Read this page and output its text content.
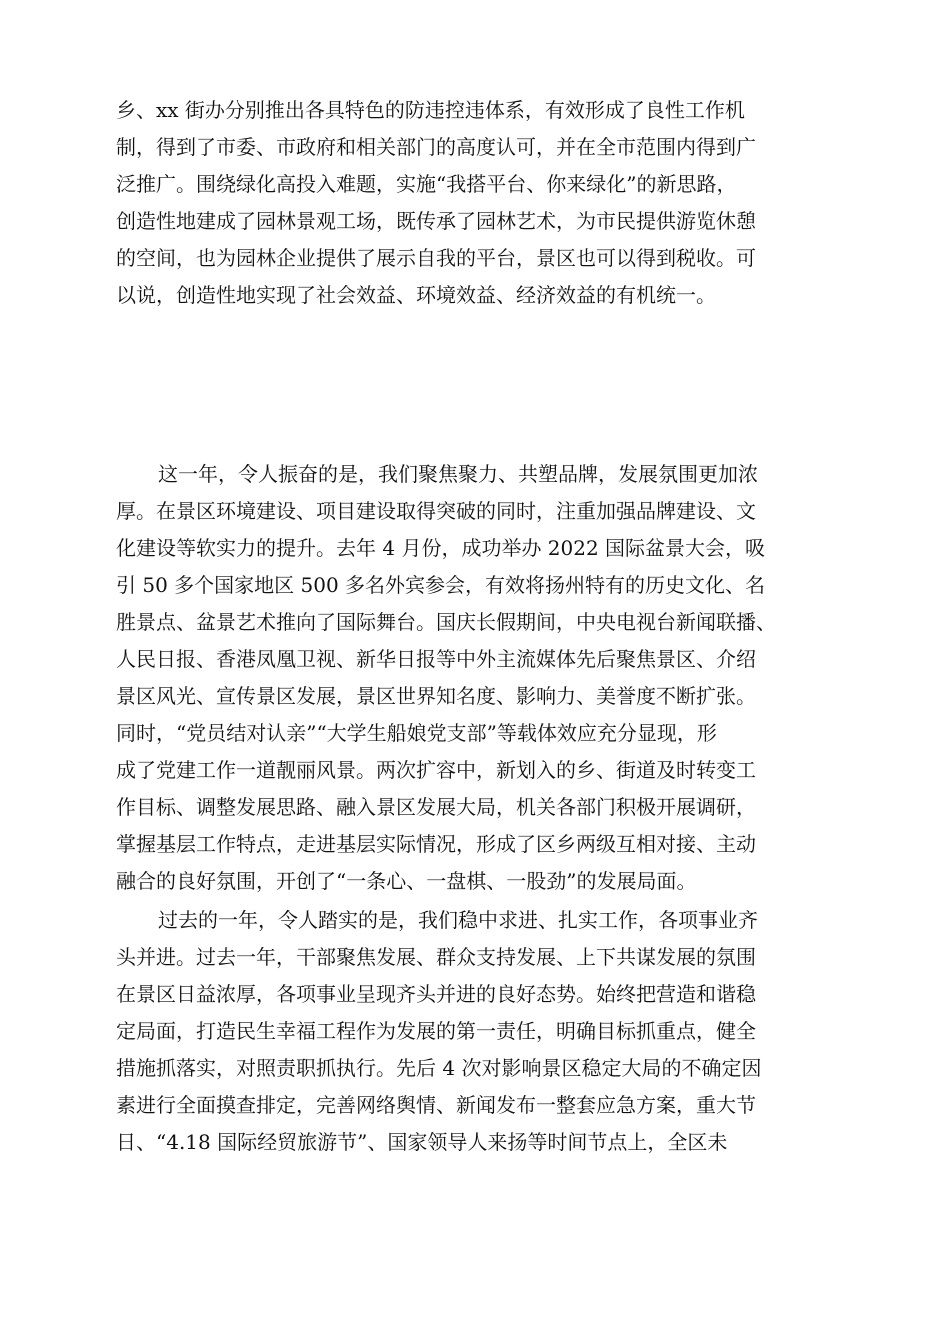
乡、xx 街办分别推出各具特色的防违控违体系，有效形成了良性工作机
制，得到了市委、市政府和相关部门的高度认可，并在全市范围内得到广
泛推广。围绕绿化高投入难题，实施“我搭平台、你来绿化”的新思路，
创造性地建成了园林景观工场，既传承了园林艺术，为市民提供游览休憩
的空间，也为园林企业提供了展示自我的平台，景区也可以得到税收。可
以说，创造性地实现了社会效益、环境效益、经济效益的有机统一。
这一年，令人振奋的是，我们聚焦聚力、共塑品牌，发展氛围更加浓
厚。在景区环境建设、项目建设取得突破的同时，注重加强品牌建设、文
化建设等软实力的提升。去年 4 月份，成功举办 2022 国际盆景大会，吸
引 50 多个国家地区 500 多名外宾参会，有效将扬州特有的历史文化、名
胜景点、盆景艺术推向了国际舞台。国庆长假期间，中央电视台新闻联播、
人民日报、香港凤凰卫视、新华日报等中外主流媒体先后聚焦景区、介绍
景区风光、宣传景区发展，景区世界知名度、影响力、美誉度不断扩张。
同时，“党员结对认亲”“大学生船娘党支部”等载体效应充分显现，形
成了党建工作一道靓丽风景。两次扩容中，新划入的乡、街道及时转变工
作目标、调整发展思路、融入景区发展大局，机关各部门积极开展调研，
掌握基层工作特点，走进基层实际情况，形成了区乡两级互相对接、主动
融合的良好氛围，开创了“一条心、一盘棋、一股劲”的发展局面。
过去的一年，令人踏实的是，我们稳中求进、扎实工作，各项事业齐
头并进。过去一年，干部聚焦发展、群众支持发展、上下共谋发展的氛围
在景区日益浓厚，各项事业呈现齐头并进的良好态势。始终把营造和谐稳
定局面，打造民生幸福工程作为发展的第一责任，明确目标抓重点，健全
措施抓落实，对照责职抓执行。先后 4 次对影响景区稳定大局的不确定因
素进行全面摸查排定，完善网络舆情、新闻发布一整套应急方案，重大节
日、“4.18 国际经贸旅游节”、国家领导人来扬等时间节点上，全区未
